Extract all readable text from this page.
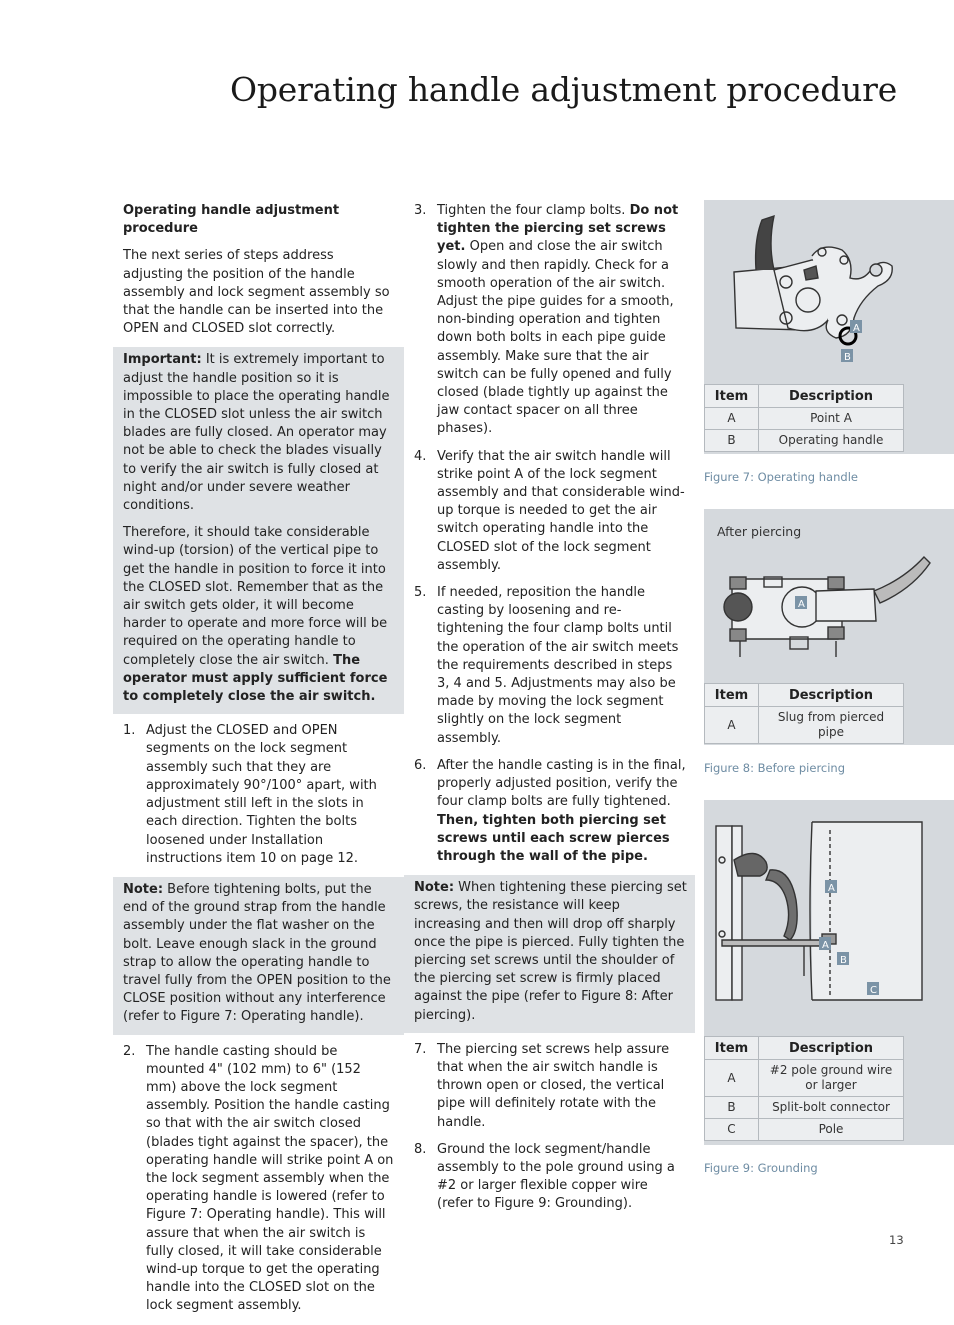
Operating handle adjustment procedure
Operating handle adjustment procedure
The next series of steps address adjusting the position of the handle assembly and lock segment assembly so that the handle can be inserted into the OPEN and CLOSED slot correctly.
Important: It is extremely important to adjust the handle position so it is impossible to place the operating handle in the CLOSED slot unless the air switch blades are fully closed. An operator may not be able to check the blades visually to verify the air switch is fully closed at night and/or under severe weather conditions.
Therefore, it should take considerable wind-up (torsion) of the vertical pipe to get the handle in position to force it into the CLOSED slot. Remember that as the air switch gets older, it will become harder to operate and more force will be required on the operating handle to completely close the air switch. The operator must apply sufficient force to completely close the air switch.
1. Adjust the CLOSED and OPEN segments on the lock segment assembly such that they are approximately 90°/100° apart, with adjustment still left in the slots in each direction. Tighten the bolts loosened under Installation instructions item 10 on page 12.
Note: Before tightening bolts, put the end of the ground strap from the handle assembly under the flat washer on the bolt. Leave enough slack in the ground strap to allow the operating handle to travel fully from the OPEN position to the CLOSE position without any interference (refer to Figure 7: Operating handle).
2. The handle casting should be mounted 4" (102 mm) to 6" (152 mm) above the lock segment assembly. Position the handle casting so that with the air switch closed (blades tight against the spacer), the operating handle will strike point A on the lock segment assembly when the operating handle is lowered (refer to Figure 7: Operating handle). This will assure that when the air switch is fully closed, it will take considerable wind-up torque to get the operating handle into the CLOSED slot on the lock segment assembly.
3. Tighten the four clamp bolts. Do not tighten the piercing set screws yet. Open and close the air switch slowly and then rapidly. Check for a smooth operation of the air switch. Adjust the pipe guides for a smooth, non-binding operation and tighten down both bolts in each pipe guide assembly. Make sure that the air switch can be fully opened and fully closed (blade tightly up against the jaw contact spacer on all three phases).
4. Verify that the air switch handle will strike point A of the lock segment assembly and that considerable wind-up torque is needed to get the air switch operating handle into the CLOSED slot of the lock segment assembly.
5. If needed, reposition the handle casting by loosening and re-tightening the four clamp bolts until the operation of the air switch meets the requirements described in steps 3, 4 and 5. Adjustments may also be made by moving the lock segment slightly on the lock segment assembly.
6. After the handle casting is in the final, properly adjusted position, verify the four clamp bolts are fully tightened. Then, tighten both piercing set screws until each screw pierces through the wall of the pipe.
Note: When tightening these piercing set screws, the resistance will keep increasing and then will drop off sharply once the pipe is pierced. Fully tighten the piercing set screws until the shoulder of the piercing set screw is firmly placed against the pipe (refer to Figure 8: After piercing).
7. The piercing set screws help assure that when the air switch handle is thrown open or closed, the vertical pipe will definitely rotate with the handle.
8. Ground the lock segment/handle assembly to the pole ground using a #2 or larger flexible copper wire (refer to Figure 9: Grounding).
A
B
Item	Description
A	Point A
B	Operating handle
Figure 7: Operating handle
After piercing
A
Item	Description
A	Slug from pierced pipe
Figure 8: Before piercing
A
A
B
C
Item	Description
A	#2 pole ground wire or larger
B	Split-bolt connector
C	Pole
Figure 9: Grounding
13
